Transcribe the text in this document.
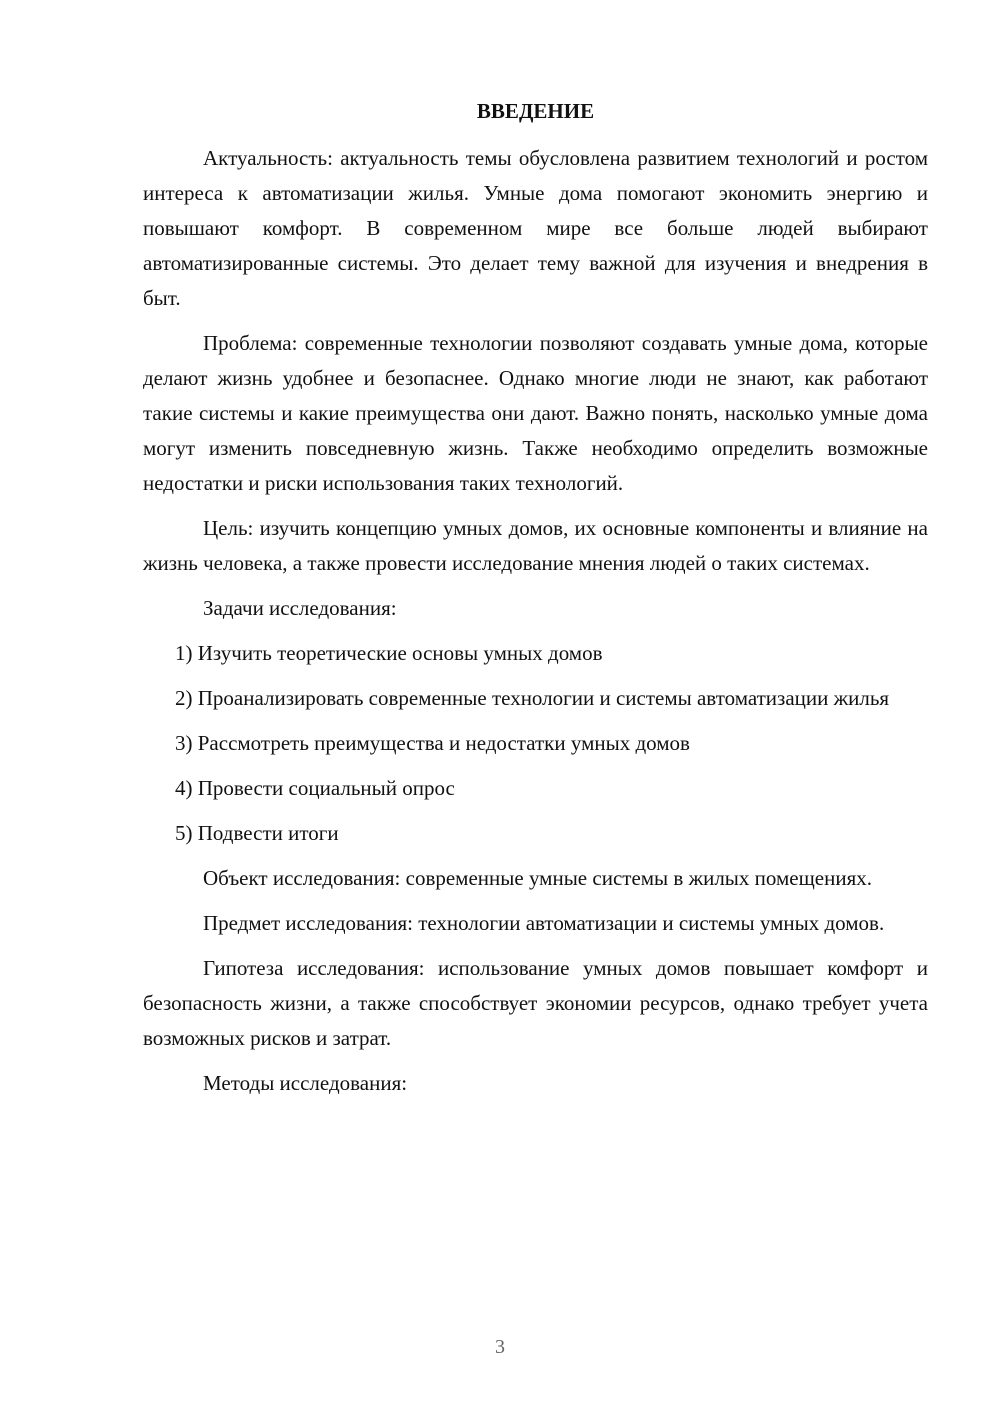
ВВЕДЕНИЕ

Актуальность: актуальность темы обусловлена развитием технологий и ростом интереса к автоматизации жилья. Умные дома помогают экономить энергию и повышают комфорт. В современном мире все больше людей выбирают автоматизированные системы. Это делает тему важной для изучения и внедрения в быт.

Проблема: современные технологии позволяют создавать умные дома, которые делают жизнь удобнее и безопаснее. Однако многие люди не знают, как работают такие системы и какие преимущества они дают. Важно понять, насколько умные дома могут изменить повседневную жизнь. Также необходимо определить возможные недостатки и риски использования таких технологий.

Цель: изучить концепцию умных домов, их основные компоненты и влияние на жизнь человека, а также провести исследование мнения людей о таких системах.

Задачи исследования:

1) Изучить теоретические основы умных домов

2) Проанализировать современные технологии и системы автоматизации жилья

3) Рассмотреть преимущества и недостатки умных домов

4) Провести социальный опрос

5) Подвести итоги

Объект исследования: современные умные системы в жилых помещениях.

Предмет исследования: технологии автоматизации и системы умных домов.

Гипотеза исследования: использование умных домов повышает комфорт и безопасность жизни, а также способствует экономии ресурсов, однако требует учета возможных рисков и затрат.

Методы исследования:

3
